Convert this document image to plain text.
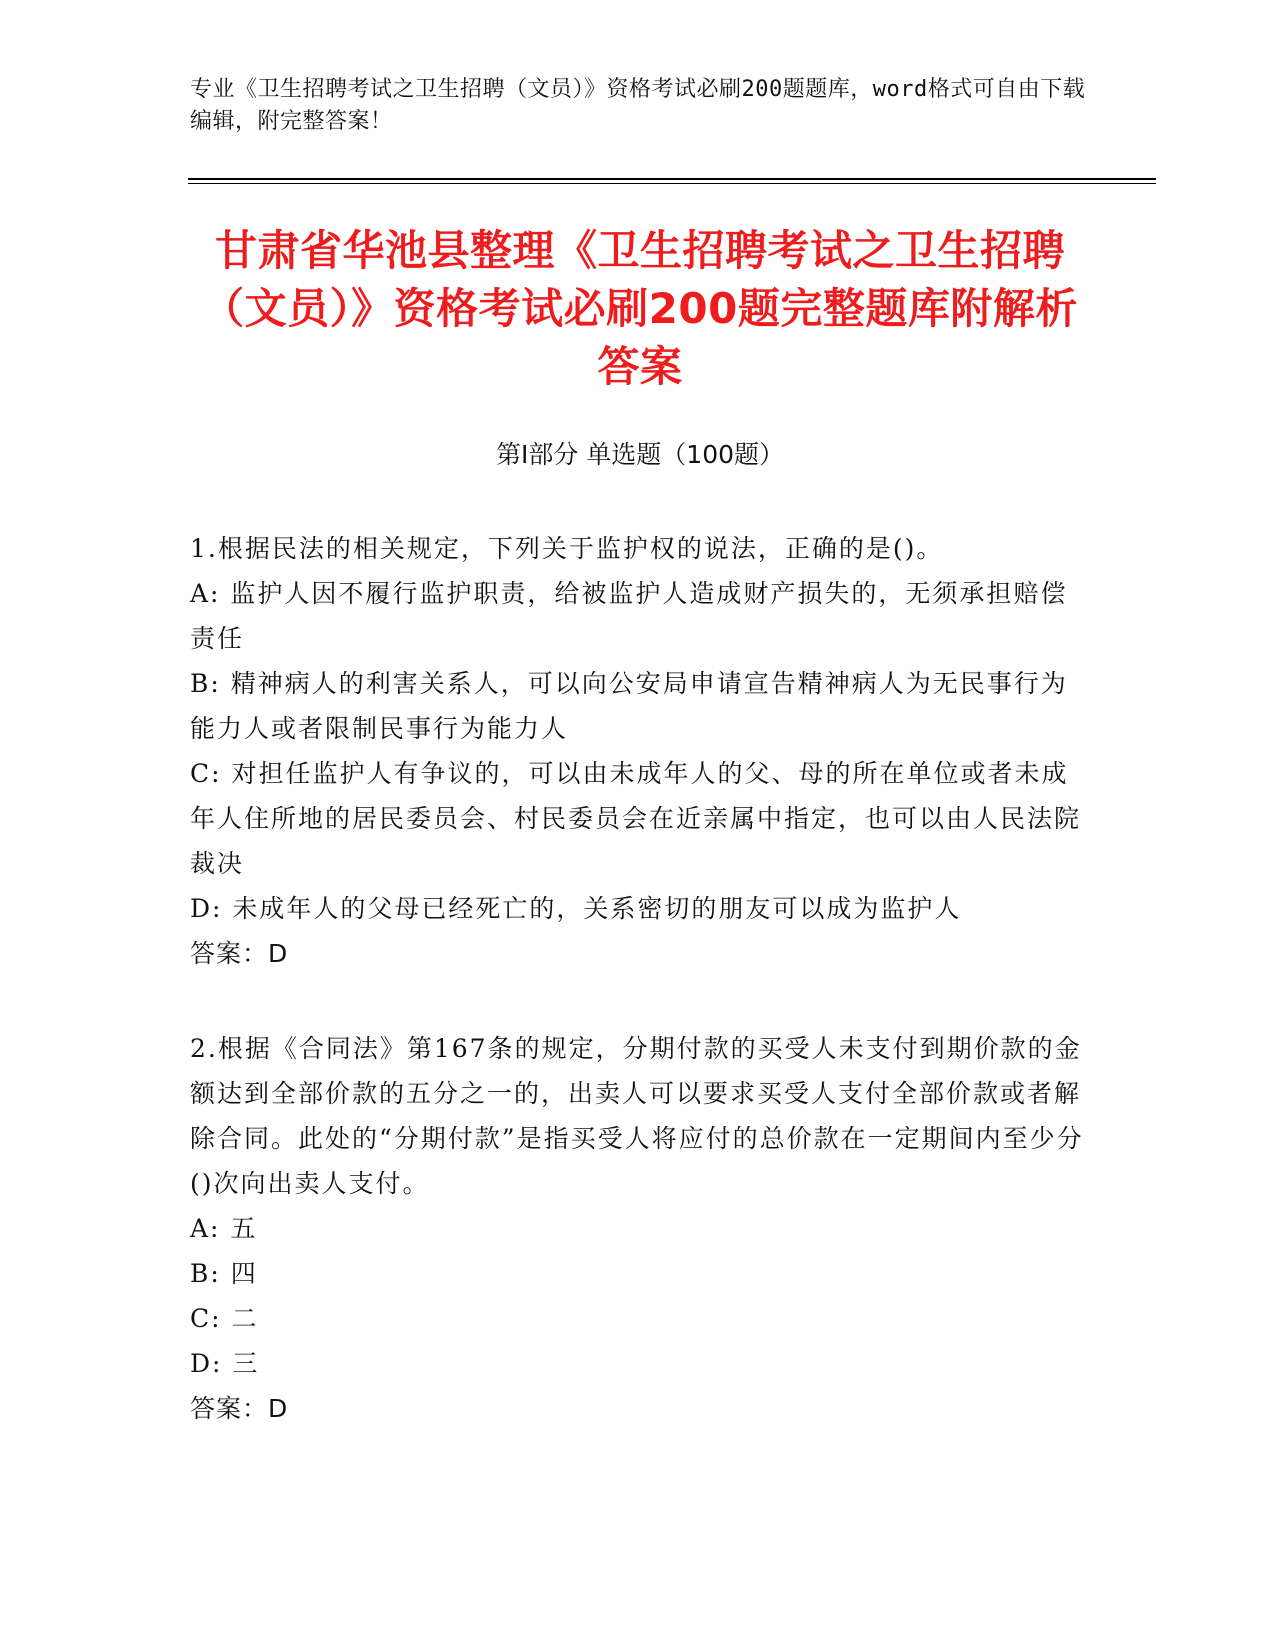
专业《卫生招聘考试之卫生招聘（文员）》资格考试必刷200题题库，word格式可自由下载编辑，附完整答案！
甘肃省华池县整理《卫生招聘考试之卫生招聘（文员）》资格考试必刷200题完整题库附解析答案
第I部分 单选题（100题）

1.根据民法的相关规定，下列关于监护权的说法，正确的是()。

A: 监护人因不履行监护职责，给被监护人造成财产损失的，无须承担赔偿责任

B: 精神病人的利害关系人，可以向公安局申请宣告精神病人为无民事行为能力人或者限制民事行为能力人

C: 对担任监护人有争议的，可以由未成年人的父、母的所在单位或者未成年人住所地的居民委员会、村民委员会在近亲属中指定，也可以由人民法院裁决

D: 未成年人的父母已经死亡的，关系密切的朋友可以成为监护人

答案：D

2.根据《合同法》第167条的规定，分期付款的买受人未支付到期价款的金额达到全部价款的五分之一的，出卖人可以要求买受人支付全部价款或者解除合同。此处的“分期付款”是指买受人将应付的总价款在一定期间内至少分()次向出卖人支付。

A: 五

B: 四

C: 二

D: 三

答案：D
